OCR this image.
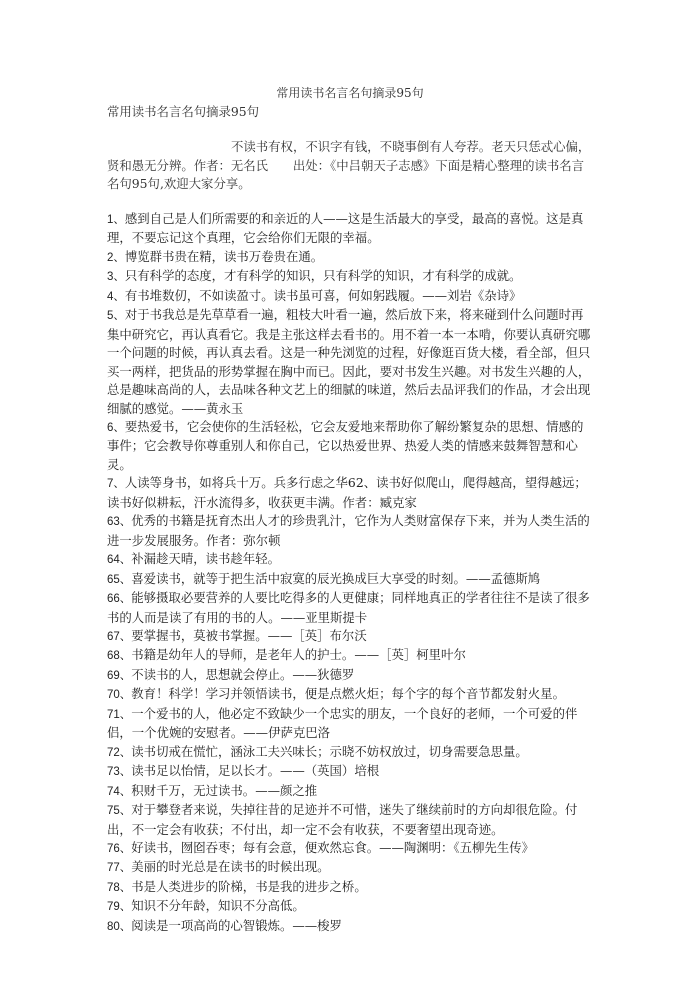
常用读书名言名句摘录95句
常用读书名言名句摘录95句
不读书有权，不识字有钱，不晓事倒有人夸荐。老天只恁忒心偏，贤和愚无分辨。作者：无名氏　　出处：《中吕朝天子志感》下面是精心整理的读书名言名句95句,欢迎大家分享。
1、感到自己是人们所需要的和亲近的人——这是生活最大的享受，最高的喜悦。这是真理，不要忘记这个真理，它会给你们无限的幸福。
2、博览群书贵在精，读书万卷贵在通。
3、只有科学的态度，才有科学的知识，只有科学的知识，才有科学的成就。
4、有书堆数仞，不如读盈寸。读书虽可喜，何如躬践履。——刘岩《杂诗》
5、对于书我总是先草草看一遍，粗枝大叶看一遍，然后放下来，将来碰到什么问题时再集中研究它，再认真看它。我是主张这样去看书的。用不着一本一本啃，你要认真研究哪一个问题的时候，再认真去看。这是一种先浏览的过程，好像逛百货大楼，看全部，但只买一两样，把货品的形势掌握在胸中而已。因此，要对书发生兴趣。对书发生兴趣的人，总是趣味高尚的人，去品味各种文艺上的细腻的味道，然后去品评我们的作品，才会出现细腻的感觉。——黄永玉
6、要热爱书，它会使你的生活轻松，它会友爱地来帮助你了解纷繁复杂的思想、情感的事件；它会教导你尊重别人和你自己，它以热爱世界、热爱人类的情感来鼓舞智慧和心灵。
7、人读等身书，如将兵十万。兵多行虑之华62、读书好似爬山，爬得越高，望得越远；读书好似耕耘，汗水流得多，收获更丰满。作者：臧克家
63、优秀的书籍是抚育杰出人才的珍贵乳汁，它作为人类财富保存下来，并为人类生活的进一步发展服务。作者：弥尔顿
64、补漏趁天晴，读书趁年轻。
65、喜爱读书，就等于把生活中寂寞的辰光换成巨大享受的时刻。——孟德斯鸠
66、能够摄取必要营养的人要比吃得多的人更健康；同样地真正的学者往往不是读了很多书的人而是读了有用的书的人。——亚里斯提卡
67、要掌握书，莫被书掌握。——［英］布尔沃
68、书籍是幼年人的导师，是老年人的护士。——［英］柯里叶尔
69、不读书的人，思想就会停止。——狄德罗
70、教育！科学！学习并领悟读书，便是点燃火炬；每个字的每个音节都发射火星。
71、一个爱书的人，他必定不致缺少一个忠实的朋友，一个良好的老师，一个可爱的伴侣，一个优婉的安慰者。——伊萨克巴洛
72、读书切戒在慌忙，涵泳工夫兴味长；示晓不妨权放过，切身需要急思量。
73、读书足以怡情，足以长才。——（英国）培根
74、积财千万，无过读书。——颜之推
75、对于攀登者来说，失掉往昔的足迹并不可惜，迷失了继续前时的方向却很危险。付出，不一定会有收获；不付出，却一定不会有收获，不要奢望出现奇迹。
76、好读书，囫囵吞枣；每有会意，便欢然忘食。——陶渊明：《五柳先生传》
77、美丽的时光总是在读书的时候出现。
78、书是人类进步的阶梯，书是我的进步之桥。
79、知识不分年龄，知识不分高低。
80、阅读是一项高尚的心智锻炼。——梭罗
